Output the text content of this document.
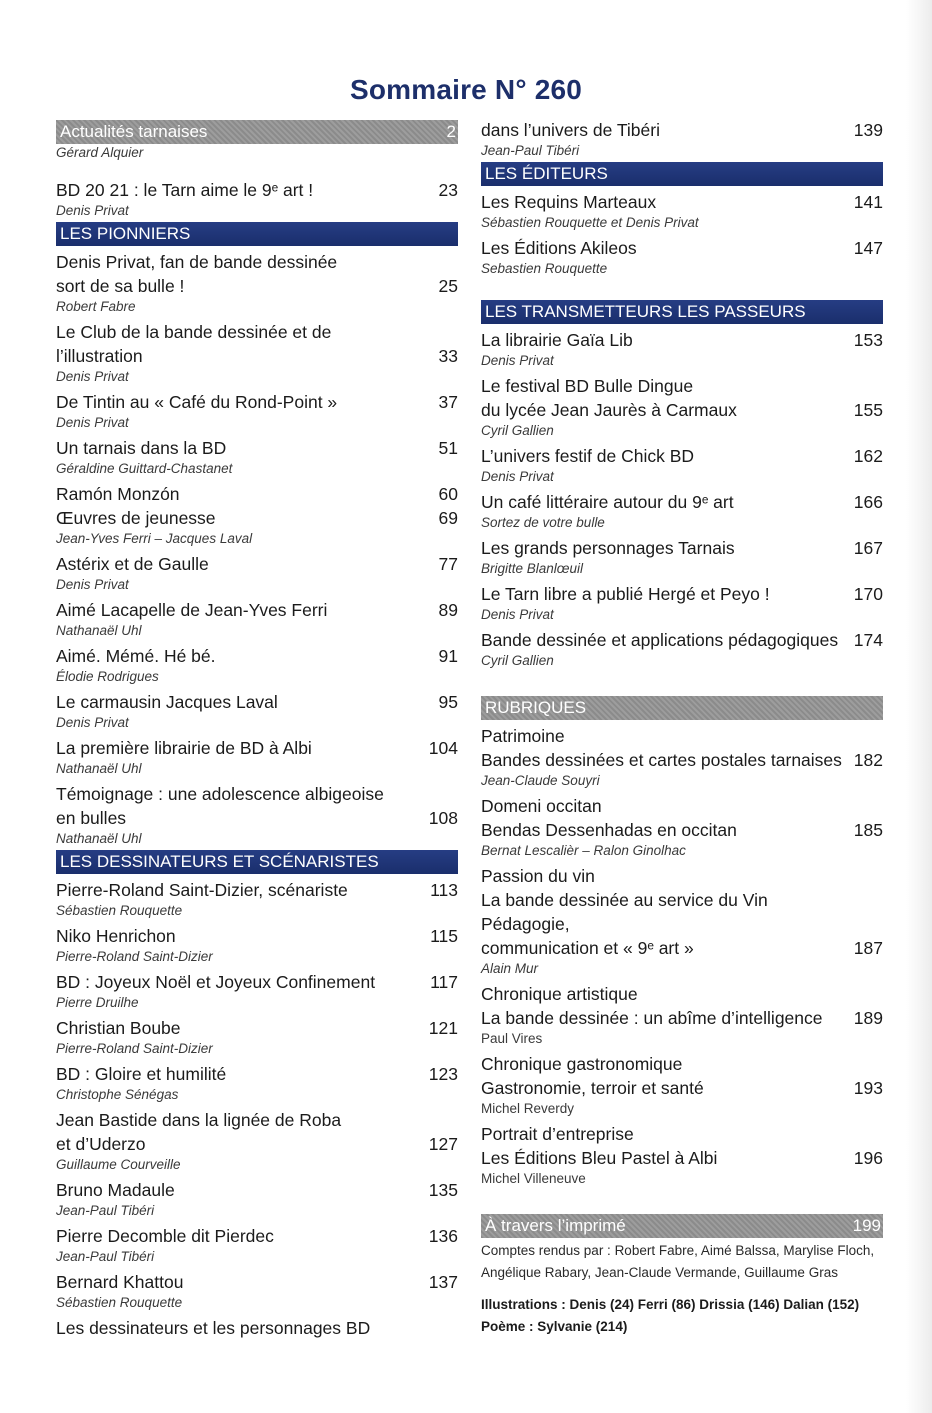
Sommaire N° 260
Actualités tarnaises	2
Gérard Alquier
BD 20 21 : le Tarn aime le 9ᵉ art !	23
Denis Privat
LES PIONNIERS
Denis Privat, fan de bande dessinée
sort de sa bulle !	25
Robert Fabre
Le Club de la bande dessinée et de l’illustration	33
Denis Privat
De Tintin au « Café du Rond-Point »	37
Denis Privat
Un tarnais dans la BD	51
Géraldine Guittard-Chastanet
Ramón Monzón	60
Œuvres de jeunesse	69
Jean-Yves Ferri – Jacques Laval
Astérix et de Gaulle	77
Denis Privat
Aimé Lacapelle de Jean-Yves Ferri	89
Nathanaël Uhl
Aimé. Mémé. Hé bé.	91
Élodie Rodrigues
Le carmausin Jacques Laval	95
Denis Privat
La première librairie de BD à Albi	104
Nathanaël Uhl
Témoignage : une adolescence albigeoise
en bulles	108
Nathanaël Uhl
LES DESSINATEURS ET SCÉNARISTES
Pierre-Roland Saint-Dizier, scénariste	113
Sébastien Rouquette
Niko Henrichon	115
Pierre-Roland Saint-Dizier
BD : Joyeux Noël et Joyeux Confinement	117
Pierre Druilhe
Christian Boube	121
Pierre-Roland Saint-Dizier
BD : Gloire et humilité	123
Christophe Sénégas
Jean Bastide dans la lignée de Roba
et d’Uderzo	127
Guillaume Courveille
Bruno Madaule	135
Jean-Paul Tibéri
Pierre Decomble dit Pierdec	136
Jean-Paul Tibéri
Bernard Khattou	137
Sébastien Rouquette
Les dessinateurs et les personnages BD
dans l’univers de Tibéri	139
Jean-Paul Tibéri
LES ÉDITEURS
Les Requins Marteaux	141
Sébastien Rouquette et Denis Privat
Les Éditions Akileos	147
Sebastien Rouquette
LES TRANSMETTEURS LES PASSEURS
La librairie Gaïa Lib	153
Denis Privat
Le festival BD Bulle Dingue
du lycée Jean Jaurès à Carmaux	155
Cyril Gallien
L’univers festif de Chick BD	162
Denis Privat
Un café littéraire autour du 9ᵉ art	166
Sortez de votre bulle
Les grands personnages Tarnais	167
Brigitte Blanlœuil
Le Tarn libre a publié Hergé et Peyo !	170
Denis Privat
Bande dessinée et applications pédagogiques 174
Cyril Gallien
RUBRIQUES
Patrimoine
Bandes dessinées et cartes postales tarnaises 182
Jean-Claude Souyri
Domeni occitan
Bendas Dessenhadas en occitan	185
Bernat Lescalièr – Ralon Ginolhac
Passion du vin
La bande dessinée au service du Vin Pédagogie,
communication et « 9ᵉ art »	187
Alain Mur
Chronique artistique
La bande dessinée : un abîme d’intelligence	189
Paul Vires
Chronique gastronomique
Gastronomie, terroir et santé	193
Michel Reverdy
Portrait d’entreprise
Les Éditions Bleu Pastel à Albi	196
Michel Villeneuve
À travers l’imprimé	199
Comptes rendus par : Robert Fabre, Aimé Balssa, Marylise Floch,
Angélique Rabary, Jean-Claude Vermande, Guillaume Gras
Illustrations : Denis (24) Ferri (86) Drissia (146) Dalian (152)
Poème : Sylvanie (214)
